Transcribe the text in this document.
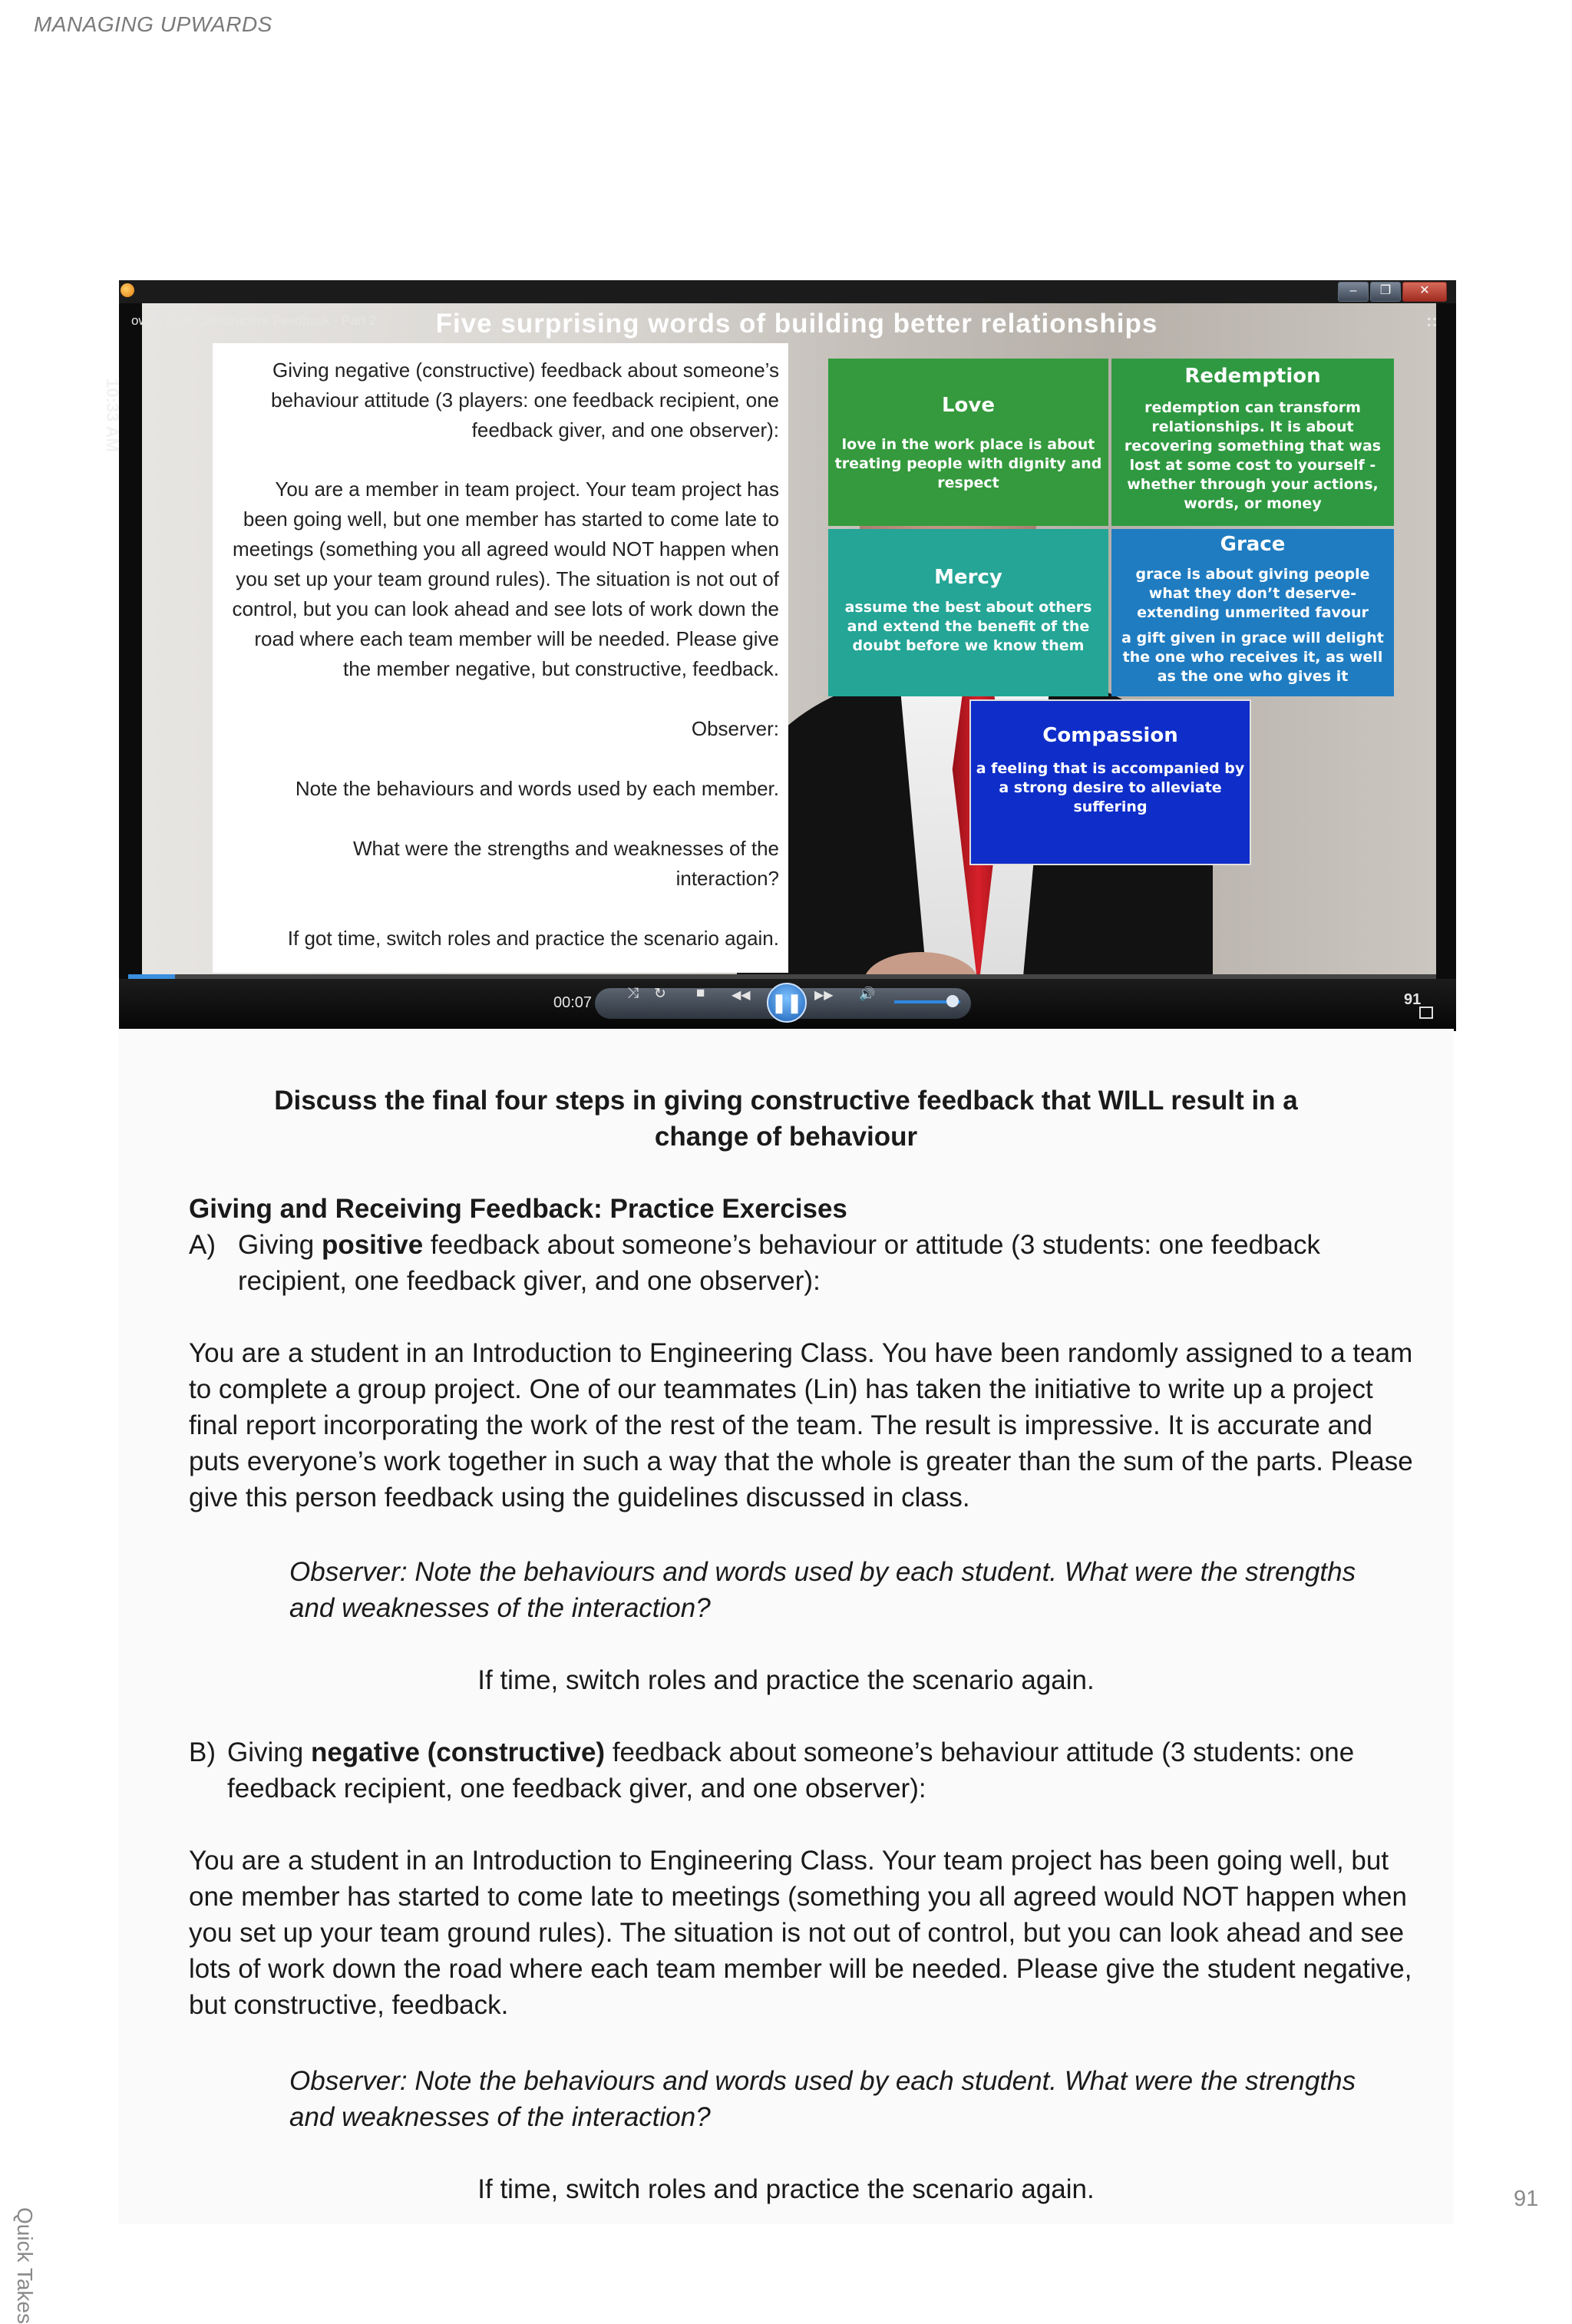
MANAGING UPWARDS
–	❐	✕
Five surprising words of building better relationships
Giving negative (constructive) feedback about someone’s behaviour attitude (3 players: one feedback recipient, one feedback giver, and one observer):
You are a member in team project. Your team project has been going well, but one member has started to come late to meetings (something you all agreed would NOT happen when you set up your team ground rules). The situation is not out of control, but you can look ahead and see lots of work down the road where each team member will be needed. Please give the member negative, but constructive, feedback.
Observer:
Note the behaviours and words used by each member.
What were the strengths and weaknesses of the interaction?
If got time, switch roles and practice the scenario again.
Love

love in the work place is about treating people with dignity and respect

Redemption

redemption can transform relationships. It is about recovering something that was lost at some cost to yourself - whether through your actions, words, or money

Mercy

assume the best about others and extend the benefit of the doubt before we know them

Grace

grace is about giving people what they don’t deserve- extending unmerited favour

a gift given in grace will delight the one who receives it, as well as the one who gives it

Compassion

a feeling that is accompanied by a strong desire to alleviate suffering

ow to Give Constructive Feedback - Part 2
10:33 AM
::
00:07
⤨ ↻ ■ ◀◀ ❚❚ ▶▶ 🔊	91
Discuss the final four steps in giving constructive feedback that WILL result in a change of behaviour
Giving and Receiving Feedback: Practice Exercises
A) Giving positive feedback about someone’s behaviour or attitude (3 students: one feedback recipient, one feedback giver, and one observer):
You are a student in an Introduction to Engineering Class. You have been randomly assigned to a team to complete a group project. One of our teammates (Lin) has taken the initiative to write up a project final report incorporating the work of the rest of the team. The result is impressive. It is accurate and puts everyone’s work together in such a way that the whole is greater than the sum of the parts. Please give this person feedback using the guidelines discussed in class.
Observer: Note the behaviours and words used by each student. What were the strengths and weaknesses of the interaction?
If time, switch roles and practice the scenario again.
B) Giving negative (constructive) feedback about someone’s behaviour attitude (3 students: one feedback recipient, one feedback giver, and one observer):
You are a student in an Introduction to Engineering Class. Your team project has been going well, but one member has started to come late to meetings (something you all agreed would NOT happen when you set up your team ground rules). The situation is not out of control, but you can look ahead and see lots of work down the road where each team member will be needed. Please give the student negative, but constructive, feedback.
Observer: Note the behaviours and words used by each student. What were the strengths and weaknesses of the interaction?
If time, switch roles and practice the scenario again.
Quick Takes
91
